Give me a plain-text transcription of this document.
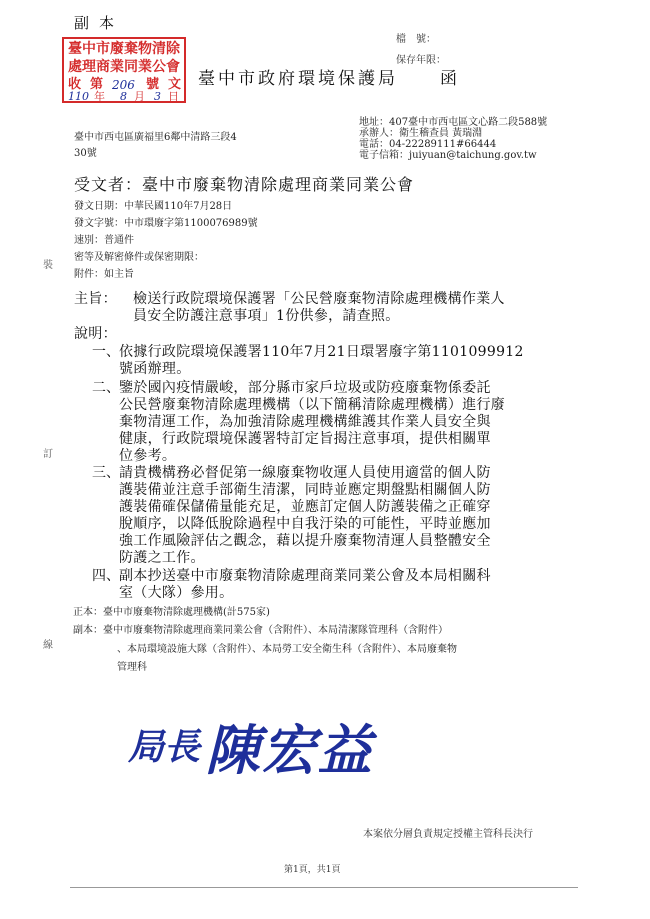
副本
臺中市廢棄物清除
處理商業同業公會
收 第 206 號 文
110 年 8 月 3 日
檔　號：
保存年限：
臺中市政府環境保護局 函
臺中市西屯區廣福里6鄰中清路三段4
30號
地址：407臺中市西屯區文心路二段588號
承辦人：衛生稽查員 黃瑞淵
電話：04-22289111#66444
電子信箱：juiyuan@taichung.gov.tw
受文者：臺中市廢棄物清除處理商業同業公會
發文日期：中華民國110年7月28日
發文字號：中市環廢字第1100076989號
速別：普通件
密等及解密條件或保密期限：
附件：如主旨
裝
訂
線
主旨： 檢送行政院環境保護署「公民營廢棄物清除處理機構作業人
員安全防護注意事項」1份供參，請查照。
說明：
一、 依據行政院環境保護署110年7月21日環署廢字第1101099912
號函辦理。
二、 鑒於國內疫情嚴峻，部分縣市家戶垃圾或防疫廢棄物係委託
公民營廢棄物清除處理機構（以下簡稱清除處理機構）進行廢
棄物清運工作，為加強清除處理機構維護其作業人員安全與
健康，行政院環境保護署特訂定旨揭注意事項，提供相關單
位參考。
三、 請貴機構務必督促第一線廢棄物收運人員使用適當的個人防
護裝備並注意手部衛生清潔，同時並應定期盤點相關個人防
護裝備確保儲備量能充足，並應訂定個人防護裝備之正確穿
脫順序，以降低脫除過程中自我汙染的可能性，平時並應加
強工作風險評估之觀念，藉以提升廢棄物清運人員整體安全
防護之工作。
四、 副本抄送臺中市廢棄物清除處理商業同業公會及本局相關科
室（大隊）參用。
正本：臺中市廢棄物清除處理機構(計575家)
副本：臺中市廢棄物清除處理商業同業公會（含附件）、本局清潔隊管理科（含附件）
、本局環境設施大隊（含附件）、本局勞工安全衛生科（含附件）、本局廢棄物
管理科
局長 陳宏益
本案依分層負責規定授權主管科長決行
第1頁，共1頁
